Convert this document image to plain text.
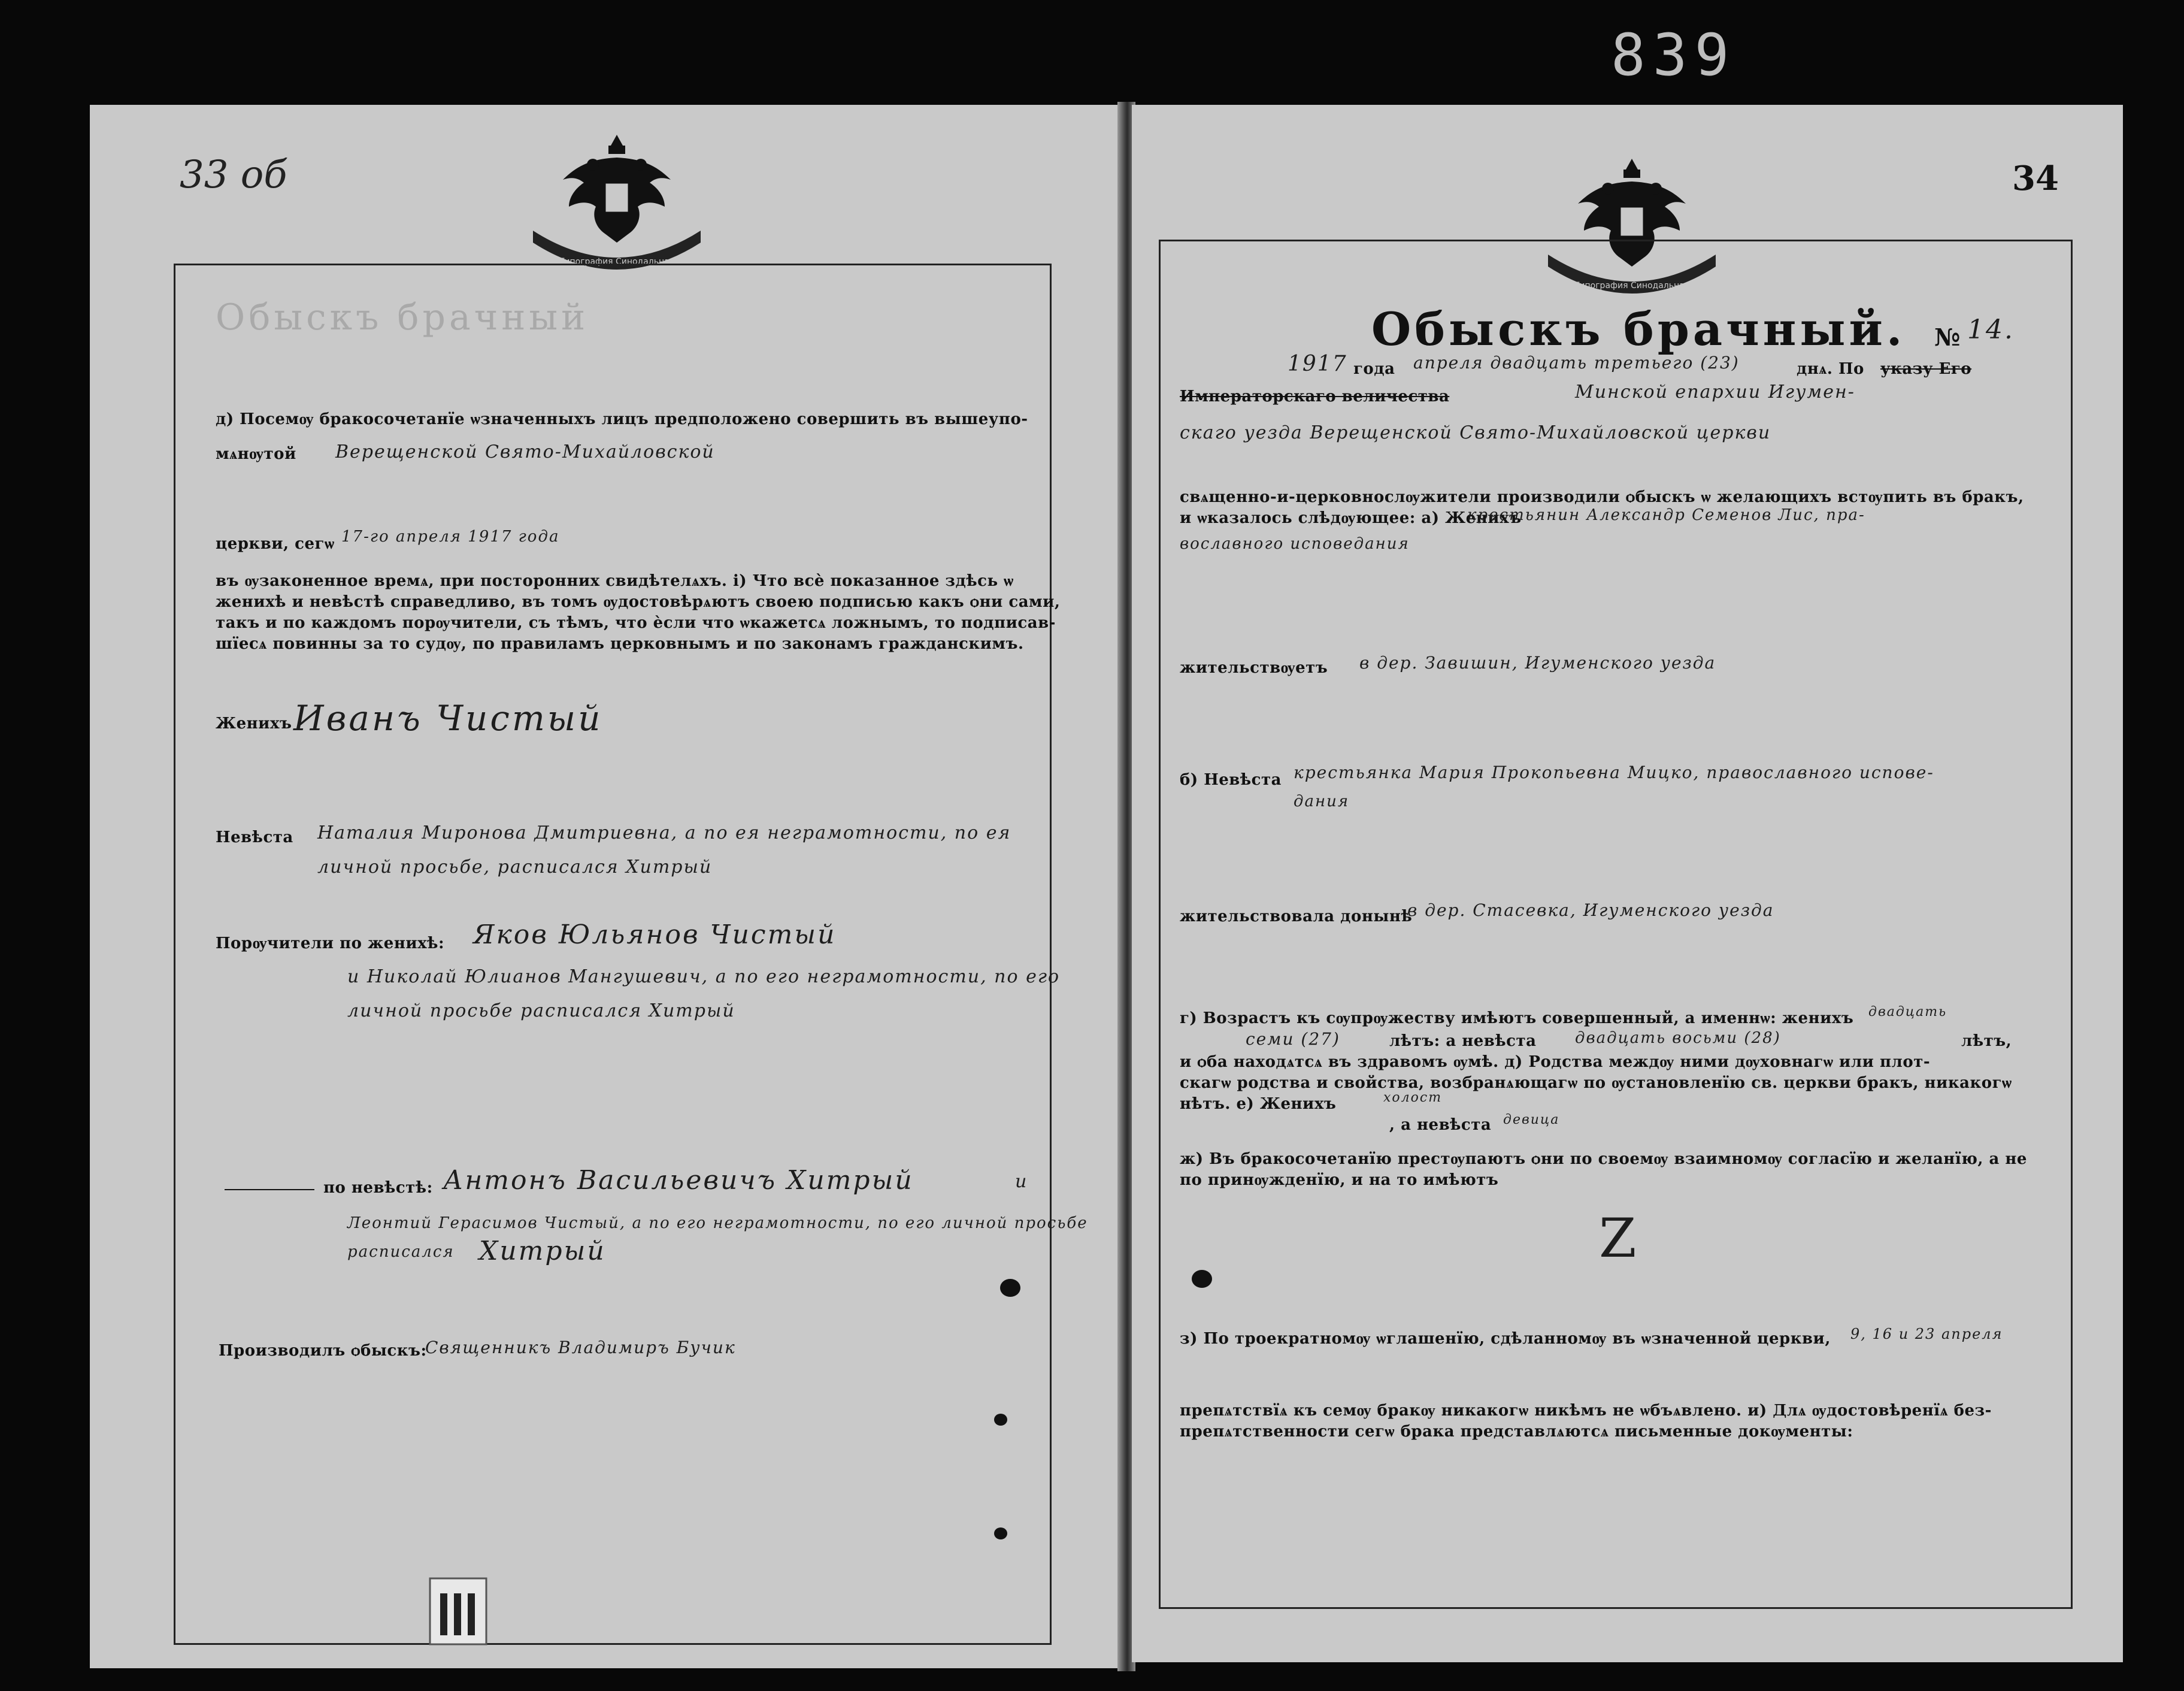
839
33 об
Типография Синодальная
Обыскъ брачный
д) Посемѹ бракосочетанїе ѡзначенныхъ лицъ предположено совершить въ вышеупо-
мѧнѹтой Верещенской Свято-Михайловской
церкви, сегѡ 17-го апреля 1917 года
въ ѹзаконенное времѧ, при посторонних свидѣтелѧхъ. і) Что всѐ показанное здѣсь ѡ
женихѣ и невѣстѣ справедливо, въ томъ ѹдостовѣрѧютъ своею подписью какъ ѻни сами,
такъ и по каждомъ порѹчители, съ тѣмъ, что ѐсли что ѡкажетсѧ ложнымъ, то подписав-
шїесѧ повинны за то судѹ, по правиламъ церковнымъ и по законамъ гражданскимъ.
Женихъ Иванъ Чистый
Невѣста Наталия Миронова Дмитриевна, а по ея неграмотности, по ея
личной просьбе, расписался Хитрый
Порѹчители по женихѣ: Яков Юльянов Чистый
и Николай Юлианов Мангушевич, а по его неграмотности, по его
личной просьбе расписался Хитрый
по невѣстѣ: Антонъ Васильевичъ Хитрый	и
Леонтий Герасимов Чистый, а по его неграмотности, по его личной просьбе
расписался Хитрый
Производилъ ѻбыскъ:
Священникъ Владимиръ Бучик
34
Типография Синодальная
Обыскъ брачный. № 14.
1917 года апреля двадцать третьего (23)	днѧ. По указу Его
Императорскаго величества	Минской епархии Игумен-
скаго уезда Верещенской Свято-Михайловской церкви
свѧщенно-и-церковнослѹжители производили ѻбыскъ ѡ желающихъ встѹпить въ бракъ,
и ѡказалось слѣдѹющее: а) Женихъ
крестьянин Александр Семенов Лис, пра-
вославного исповедания
жительствѹетъ в дер. Завишин, Игуменского уезда
б) Невѣста крестьянка Мария Прокопьевна Мицко, православного испове-
дания
жительствовала донынѣ
в дер. Стасевка, Игуменского уезда
г) Возрастъ къ сѹпрѹжеству имѣютъ совершенный, а именнѡ: женихъ двадцать
семи (27)	лѣтъ: а невѣста двадцать восьми (28)	лѣтъ,
и ѻба находѧтсѧ въ здравомъ ѹмѣ. д) Родства междѹ ними дѹховнагѡ или плот-
скагѡ родства и свойства, возбранѧющагѡ по ѹстановленїю св. церкви бракъ, никакогѡ
нѣтъ. е) Женихъ	холост
, а невѣста девица
ж) Въ бракосочетанїю престѹпаютъ ѻни по своемѹ взаимномѹ согласїю и желанїю, а не
по принѹжденїю, и на то имѣютъ
Z
з) По троекратномѹ ѡглашенїю, сдѣланномѹ въ ѡзначенной церкви, 9, 16 и 23 апреля
препѧтствїѧ къ семѹ бракѹ никакогѡ никѣмъ не ѡбъѧвлено. и) Длѧ ѹдостовѣренїѧ без-
препѧтственности сегѡ брака представлѧютсѧ письменные докѹменты:
